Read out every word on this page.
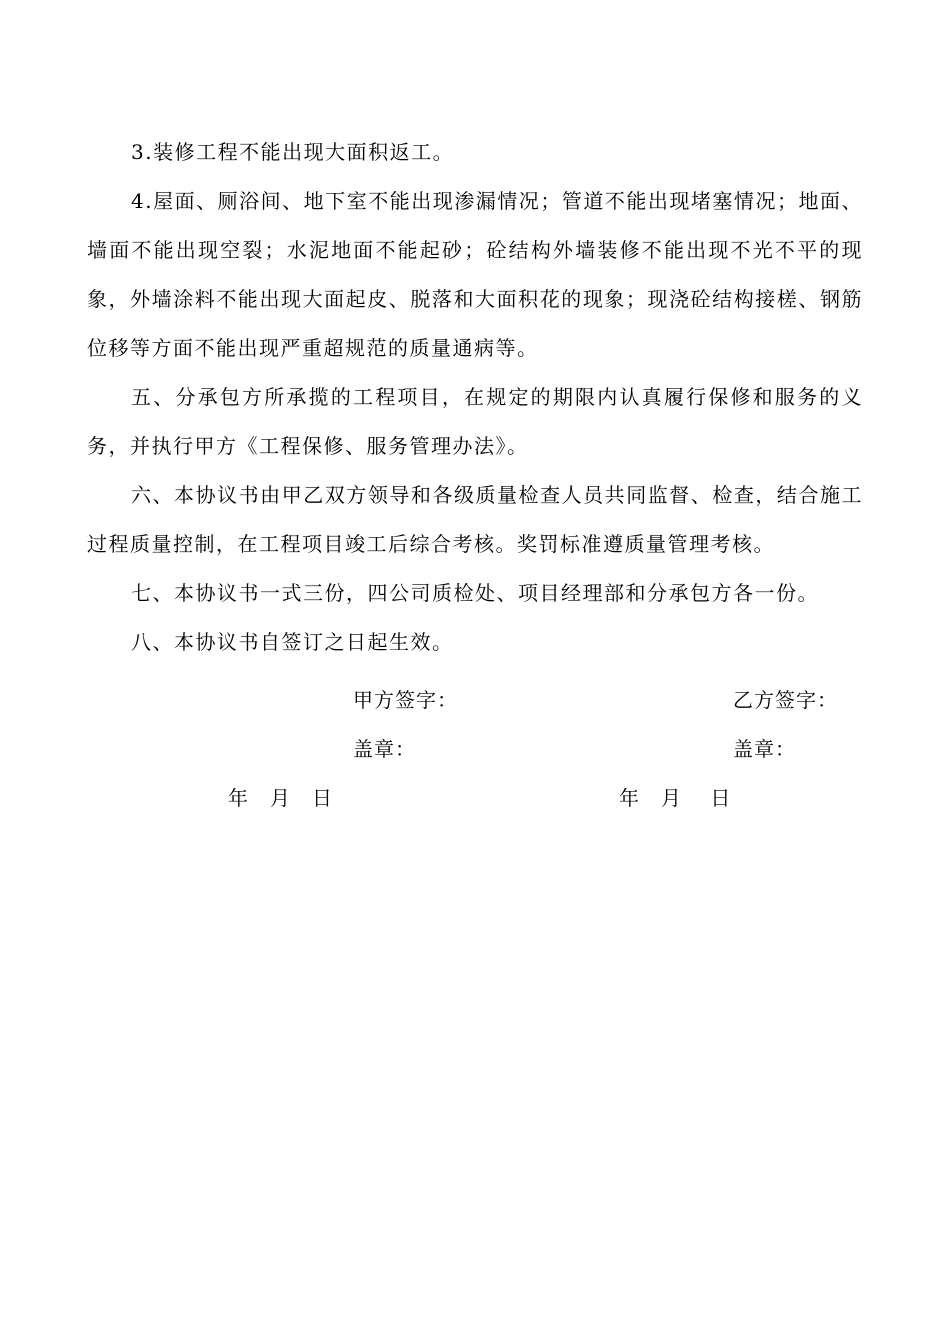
3.装修工程不能出现大面积返工。

4.屋面、厕浴间、地下室不能出现渗漏情况；管道不能出现堵塞情况；地面、墙面不能出现空裂；水泥地面不能起砂；砼结构外墙装修不能出现不光不平的现象，外墙涂料不能出现大面起皮、脱落和大面积花的现象；现浇砼结构接槎、钢筋位移等方面不能出现严重超规范的质量通病等。

五、分承包方所承揽的工程项目，在规定的期限内认真履行保修和服务的义务，并执行甲方《工程保修、服务管理办法》。

六、本协议书由甲乙双方领导和各级质量检查人员共同监督、检查，结合施工过程质量控制，在工程项目竣工后综合考核。奖罚标准遵质量管理考核。

七、本协议书一式三份，四公司质检处、项目经理部和分承包方各一份。

八、本协议书自签订之日起生效。

甲方签字：	乙方签字：
盖章：	盖章：
年　月　日	年　月　 日
